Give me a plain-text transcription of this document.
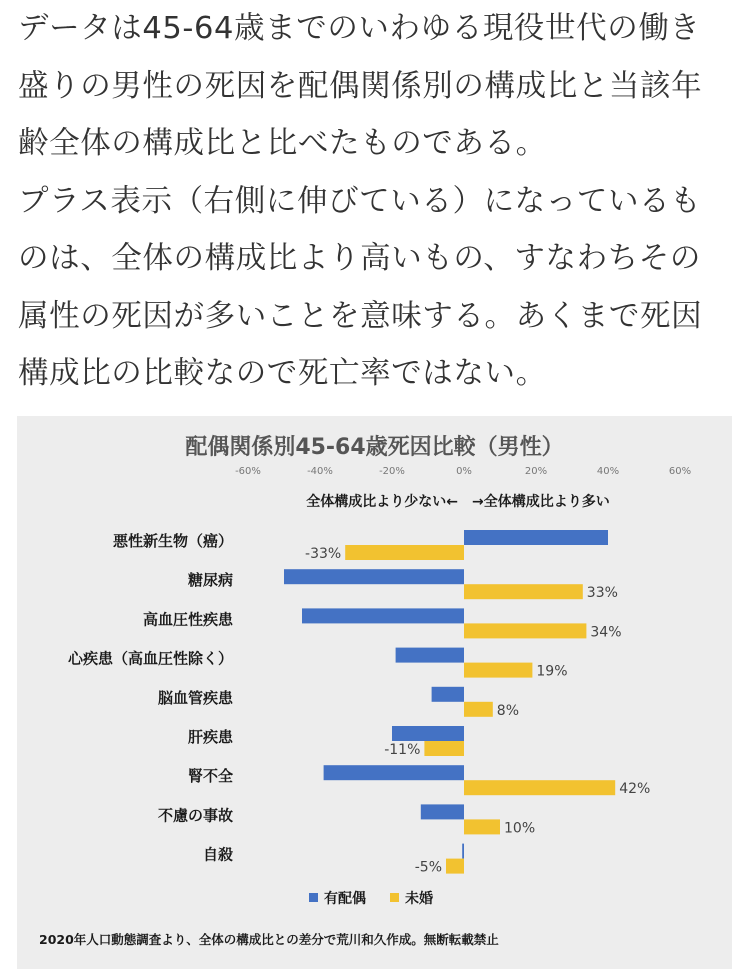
データは45-64歳までのいわゆる現役世代の働き

盛りの男性の死因を配偶関係別の構成比と当該年

齢全体の構成比と比べたものである。

プラス表示（右側に伸びている）になっているも

のは、全体の構成比より高いもの、すなわちその

属性の死因が多いことを意味する。あくまで死因

構成比の比較なので死亡率ではない。

配偶関係別45-64歳死因比較（男性）
-60%	-40%	-20%	0%	20%	40%	60%
全体構成比より少ない← →全体構成比より多い
悪性新生物（癌）
-33%
糖尿病
33%
高血圧性疾患
34%
心疾患（高血圧性除く）
19%
脳血管疾患
8%
肝疾患
-11%
腎不全
42%
不慮の事故
10%
自殺
-5%
有配偶	未婚
2020年人口動態調査より、全体の構成比との差分で荒川和久作成。無断転載禁止
